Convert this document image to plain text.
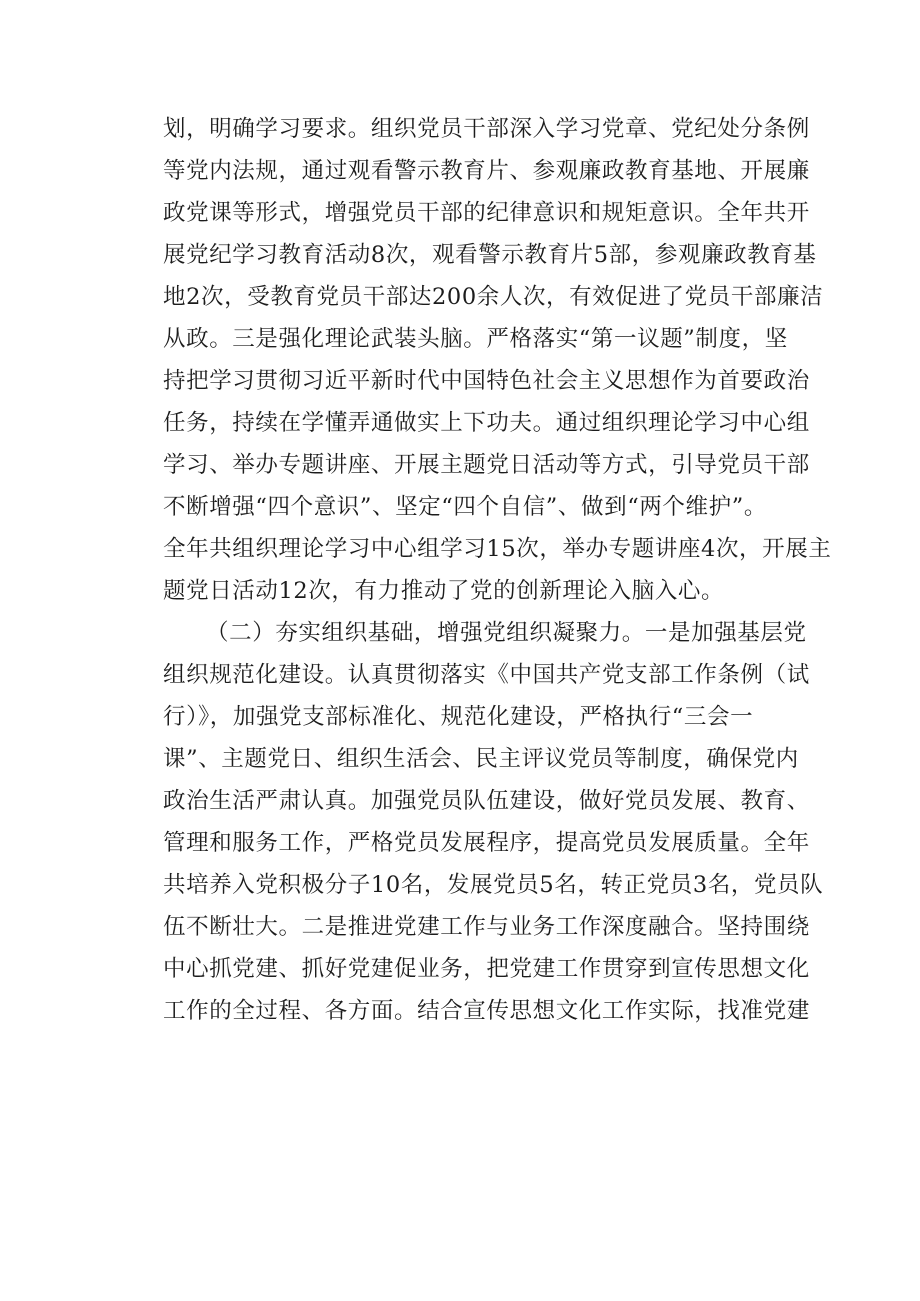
划，明确学习要求。组织党员干部深入学习党章、党纪处分条例
等党内法规，通过观看警示教育片、参观廉政教育基地、开展廉
政党课等形式，增强党员干部的纪律意识和规矩意识。全年共开
展党纪学习教育活动8次，观看警示教育片5部，参观廉政教育基
地2次，受教育党员干部达200余人次，有效促进了党员干部廉洁
从政。三是强化理论武装头脑。严格落实“第一议题”制度，坚
持把学习贯彻习近平新时代中国特色社会主义思想作为首要政治
任务，持续在学懂弄通做实上下功夫。通过组织理论学习中心组
学习、举办专题讲座、开展主题党日活动等方式，引导党员干部
不断增强“四个意识”、坚定“四个自信”、做到“两个维护”。
全年共组织理论学习中心组学习15次，举办专题讲座4次，开展主
题党日活动12次，有力推动了党的创新理论入脑入心。
（二）夯实组织基础，增强党组织凝聚力。一是加强基层党
组织规范化建设。认真贯彻落实《中国共产党支部工作条例（试
行）》，加强党支部标准化、规范化建设，严格执行“三会一
课”、主题党日、组织生活会、民主评议党员等制度，确保党内
政治生活严肃认真。加强党员队伍建设，做好党员发展、教育、
管理和服务工作，严格党员发展程序，提高党员发展质量。全年
共培养入党积极分子10名，发展党员5名，转正党员3名，党员队
伍不断壮大。二是推进党建工作与业务工作深度融合。坚持围绕
中心抓党建、抓好党建促业务，把党建工作贯穿到宣传思想文化
工作的全过程、各方面。结合宣传思想文化工作实际，找准党建
